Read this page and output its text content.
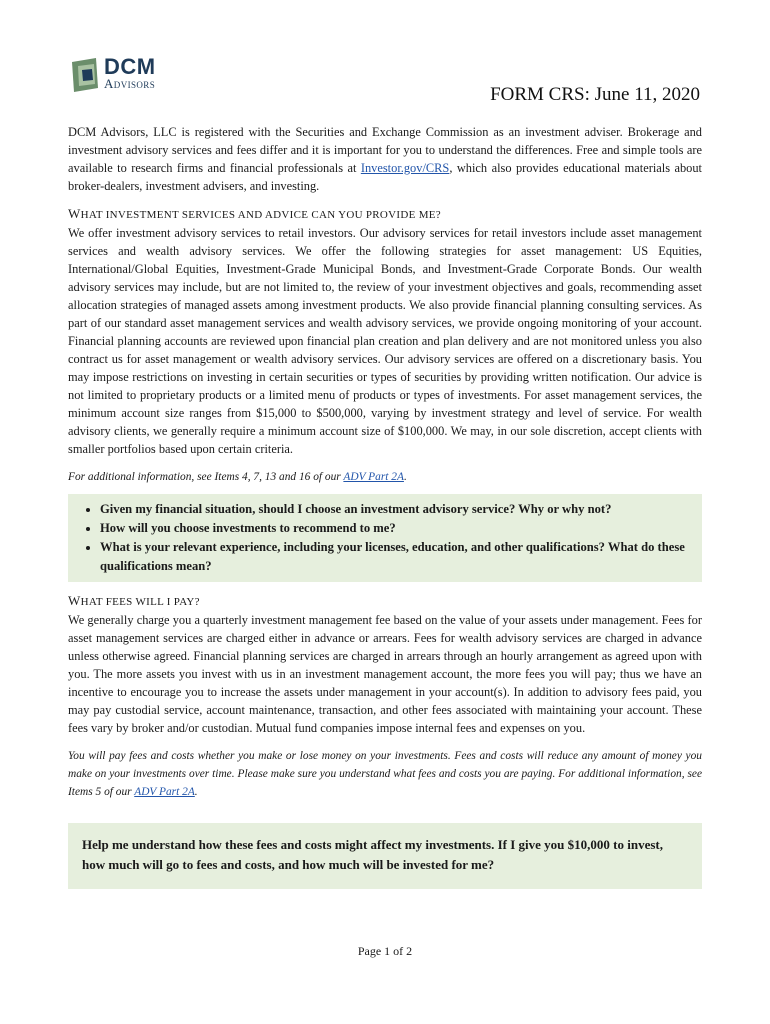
DCM
Advisors
FORM CRS: June 11, 2020

DCM Advisors, LLC is registered with the Securities and Exchange Commission as an investment adviser. Brokerage and investment advisory services and fees differ and it is important for you to understand the differences. Free and simple tools are available to research firms and financial professionals at Investor.gov/CRS, which also provides educational materials about broker-dealers, investment advisers, and investing.

WHAT INVESTMENT SERVICES AND ADVICE CAN YOU PROVIDE ME?

We offer investment advisory services to retail investors. Our advisory services for retail investors include asset management services and wealth advisory services. We offer the following strategies for asset management: US Equities, International/Global Equities, Investment-Grade Municipal Bonds, and Investment-Grade Corporate Bonds. Our wealth advisory services may include, but are not limited to, the review of your investment objectives and goals, recommending asset allocation strategies of managed assets among investment products. We also provide financial planning consulting services. As part of our standard asset management services and wealth advisory services, we provide ongoing monitoring of your account. Financial planning accounts are reviewed upon financial plan creation and plan delivery and are not monitored unless you also contract us for asset management or wealth advisory services. Our advisory services are offered on a discretionary basis. You may impose restrictions on investing in certain securities or types of securities by providing written notification. Our advice is not limited to proprietary products or a limited menu of products or types of investments. For asset management services, the minimum account size ranges from $15,000 to $500,000, varying by investment strategy and level of service. For wealth advisory clients, we generally require a minimum account size of $100,000. We may, in our sole discretion, accept clients with smaller portfolios based upon certain criteria.

For additional information, see Items 4, 7, 13 and 16 of our ADV Part 2A.

• Given my financial situation, should I choose an investment advisory service? Why or why not?
• How will you choose investments to recommend to me?
• What is your relevant experience, including your licenses, education, and other qualifications? What do these qualifications mean?
WHAT FEES WILL I PAY?

We generally charge you a quarterly investment management fee based on the value of your assets under management. Fees for asset management services are charged either in advance or arrears. Fees for wealth advisory services are charged in advance unless otherwise agreed. Financial planning services are charged in arrears through an hourly arrangement as agreed upon with you. The more assets you invest with us in an investment management account, the more fees you will pay; thus we have an incentive to encourage you to increase the assets under management in your account(s). In addition to advisory fees paid, you may pay custodial service, account maintenance, transaction, and other fees associated with maintaining your account. These fees vary by broker and/or custodian. Mutual fund companies impose internal fees and expenses on you.

You will pay fees and costs whether you make or lose money on your investments. Fees and costs will reduce any amount of money you make on your investments over time. Please make sure you understand what fees and costs you are paying. For additional information, see Items 5 of our ADV Part 2A.

Help me understand how these fees and costs might affect my investments. If I give you $10,000 to invest, how much will go to fees and costs, and how much will be invested for me?
Page 1 of 2
